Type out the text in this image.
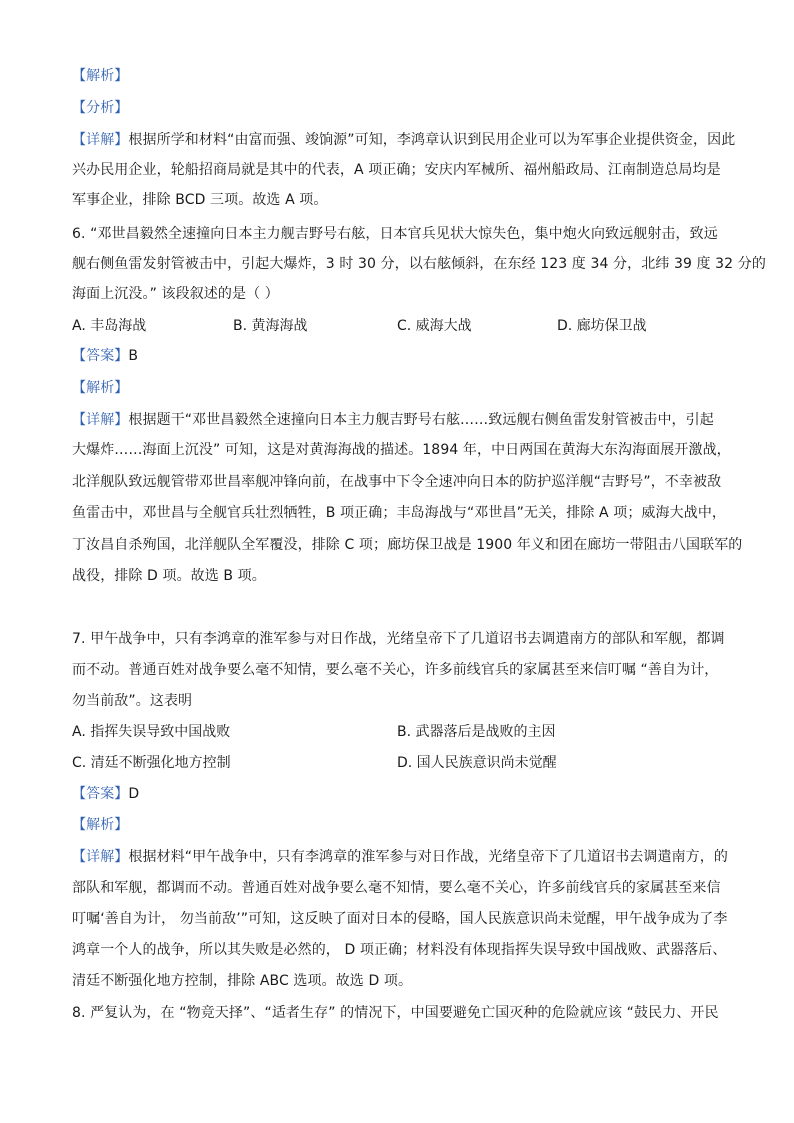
【解析】
【分析】
【详解】根据所学和材料“由富而强、竣饷源”可知，李鸿章认识到民用企业可以为军事企业提供资金，因此
兴办民用企业，轮船招商局就是其中的代表，A 项正确；安庆内军械所、福州船政局、江南制造总局均是
军事企业，排除 BCD 三项。故选 A 项。
6. “邓世昌毅然全速撞向日本主力舰吉野号右舷，日本官兵见状大惊失色，集中炮火向致远舰射击，致远
舰右侧鱼雷发射管被击中，引起大爆炸，3 时 30 分，以右舷倾斜，在东经 123 度 34 分，北纬 39 度 32 分的
海面上沉没。” 该段叙述的是（ ）
A. 丰岛海战	B. 黄海海战	C. 威海大战	D. 廊坊保卫战
【答案】B
【解析】
【详解】根据题干“邓世昌毅然全速撞向日本主力舰吉野号右舷……致远舰右侧鱼雷发射管被击中，引起
大爆炸……海面上沉没” 可知，这是对黄海海战的描述。1894 年，中日两国在黄海大东沟海面展开激战，
北洋舰队致远舰管带邓世昌率舰冲锋向前，在战事中下令全速冲向日本的防护巡洋舰“吉野号”，不幸被敌
鱼雷击中，邓世昌与全舰官兵壮烈牺牲，B 项正确；丰岛海战与“邓世昌”无关，排除 A 项；威海大战中，
丁汝昌自杀殉国，北洋舰队全军覆没，排除 C 项；廊坊保卫战是 1900 年义和团在廊坊一带阻击八国联军的
战役，排除 D 项。故选 B 项。
7. 甲午战争中，只有李鸿章的淮军参与对日作战，光绪皇帝下了几道诏书去调遣南方的部队和军舰，都调
而不动。普通百姓对战争要么毫不知情，要么毫不关心，许多前线官兵的家属甚至来信叮嘱 “善自为计，
勿当前敌”。这表明
A. 指挥失误导致中国战败	B. 武器落后是战败的主因
C. 清廷不断强化地方控制	D. 国人民族意识尚未觉醒
【答案】D
【解析】
【详解】根据材料“甲午战争中，只有李鸿章的淮军参与对日作战，光绪皇帝下了几道诏书去调遣南方，的
部队和军舰，都调而不动。普通百姓对战争要么毫不知情，要么毫不关心，许多前线官兵的家属甚至来信
叮嘱‘善自为计， 勿当前敌’”可知，这反映了面对日本的侵略，国人民族意识尚未觉醒，甲午战争成为了李
鸿章一个人的战争，所以其失败是必然的， D 项正确；材料没有体现指挥失误导致中国战败、武器落后、
清廷不断强化地方控制，排除 ABC 选项。故选 D 项。
8. 严复认为，在 “物竞天择”、“适者生存” 的情况下，中国要避免亡国灭种的危险就应该 “鼓民力、开民
